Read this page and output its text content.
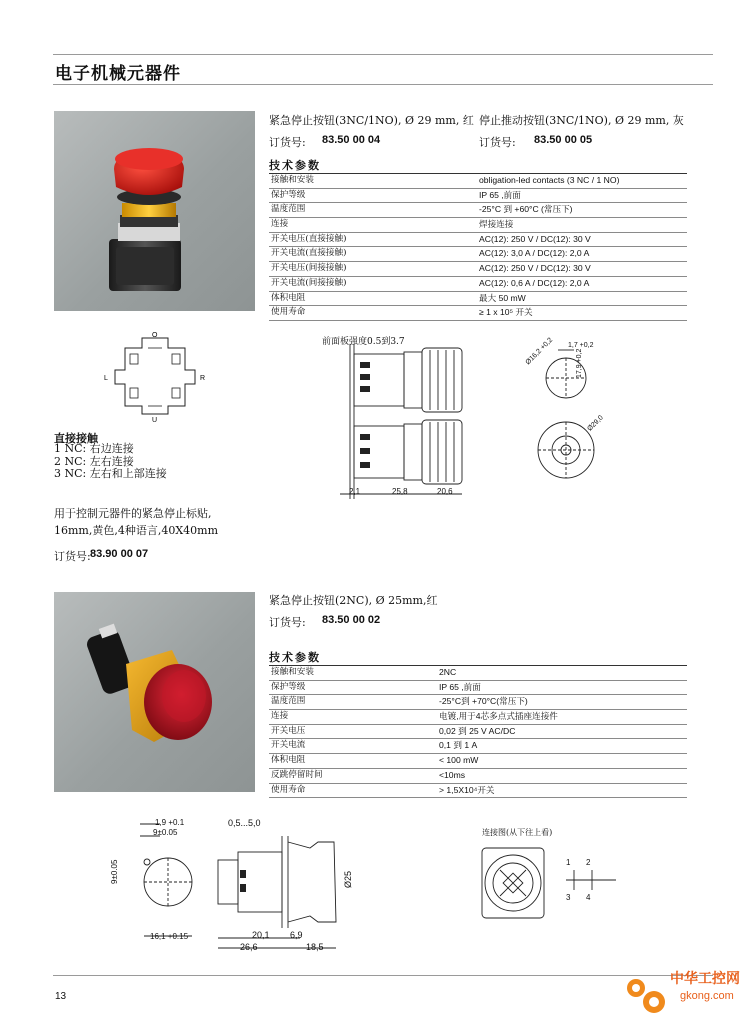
电子机械元器件
紧急停止按钮(3NC/1NO), Ø 29 mm, 红 停止推动按钮(3NC/1NO), Ø 29 mm, 灰
订货号: 83.50 00 04	订货号: 83.50 00 05
技术参数
接触和安装	obligation-led contacts (3 NC / 1 NO)
保护等级	IP 65 ,前面
温度范围	-25°C 到 +60°C (常压下)
连接	焊接连接
开关电压(直接接触)	AC(12): 250 V / DC(12): 30 V
开关电流(直接接触)	AC(12): 3,0 A / DC(12): 2,0 A
开关电压(间接接触)	AC(12): 250 V / DC(12): 30 V
开关电流(间接接触)	AC(12): 0,6 A / DC(12): 2,0 A
体积电阻	最大 50 mW
使用寿命	≥ 1 x 10⁵ 开关
O
L	R
U
前面板强度0.5到3.7
2,1	25,8	20,6
1,7 +0,2
Ø16,2 +0,2	17,9 +0,2
Ø29,0
直接接触
1 NC: 右边连接
2 NC: 左右连接
3 NC: 左右和上部连接
用于控制元器件的紧急停止标贴,
16mm,黄色,4种语言,40X40mm
订货号: 83.90 00 07
紧急停止按钮(2NC), Ø 25mm,红
订货号: 83.50 00 02
技术参数
接触和安装	2NC
保护等级	IP 65 ,前面
温度范围	-25°C到 +70°C(常压下)
连接	电镀,用于4芯多点式插座连接件
开关电压	0,02 到 25 V AC/DC
开关电流	0,1 到 1 A
体积电阻	< 100 mW
反跳停留时间	<10ms
使用寿命	> 1,5X10⁴开关
1,9 +0.1
9±0.05
9±0.05
16,1 +0.15
0,5...5,0
20,1 6,9
26,6	18,5
Ø25
连接图(从下往上看)
1 2
3 4
13
中华工控网
gkong.com
